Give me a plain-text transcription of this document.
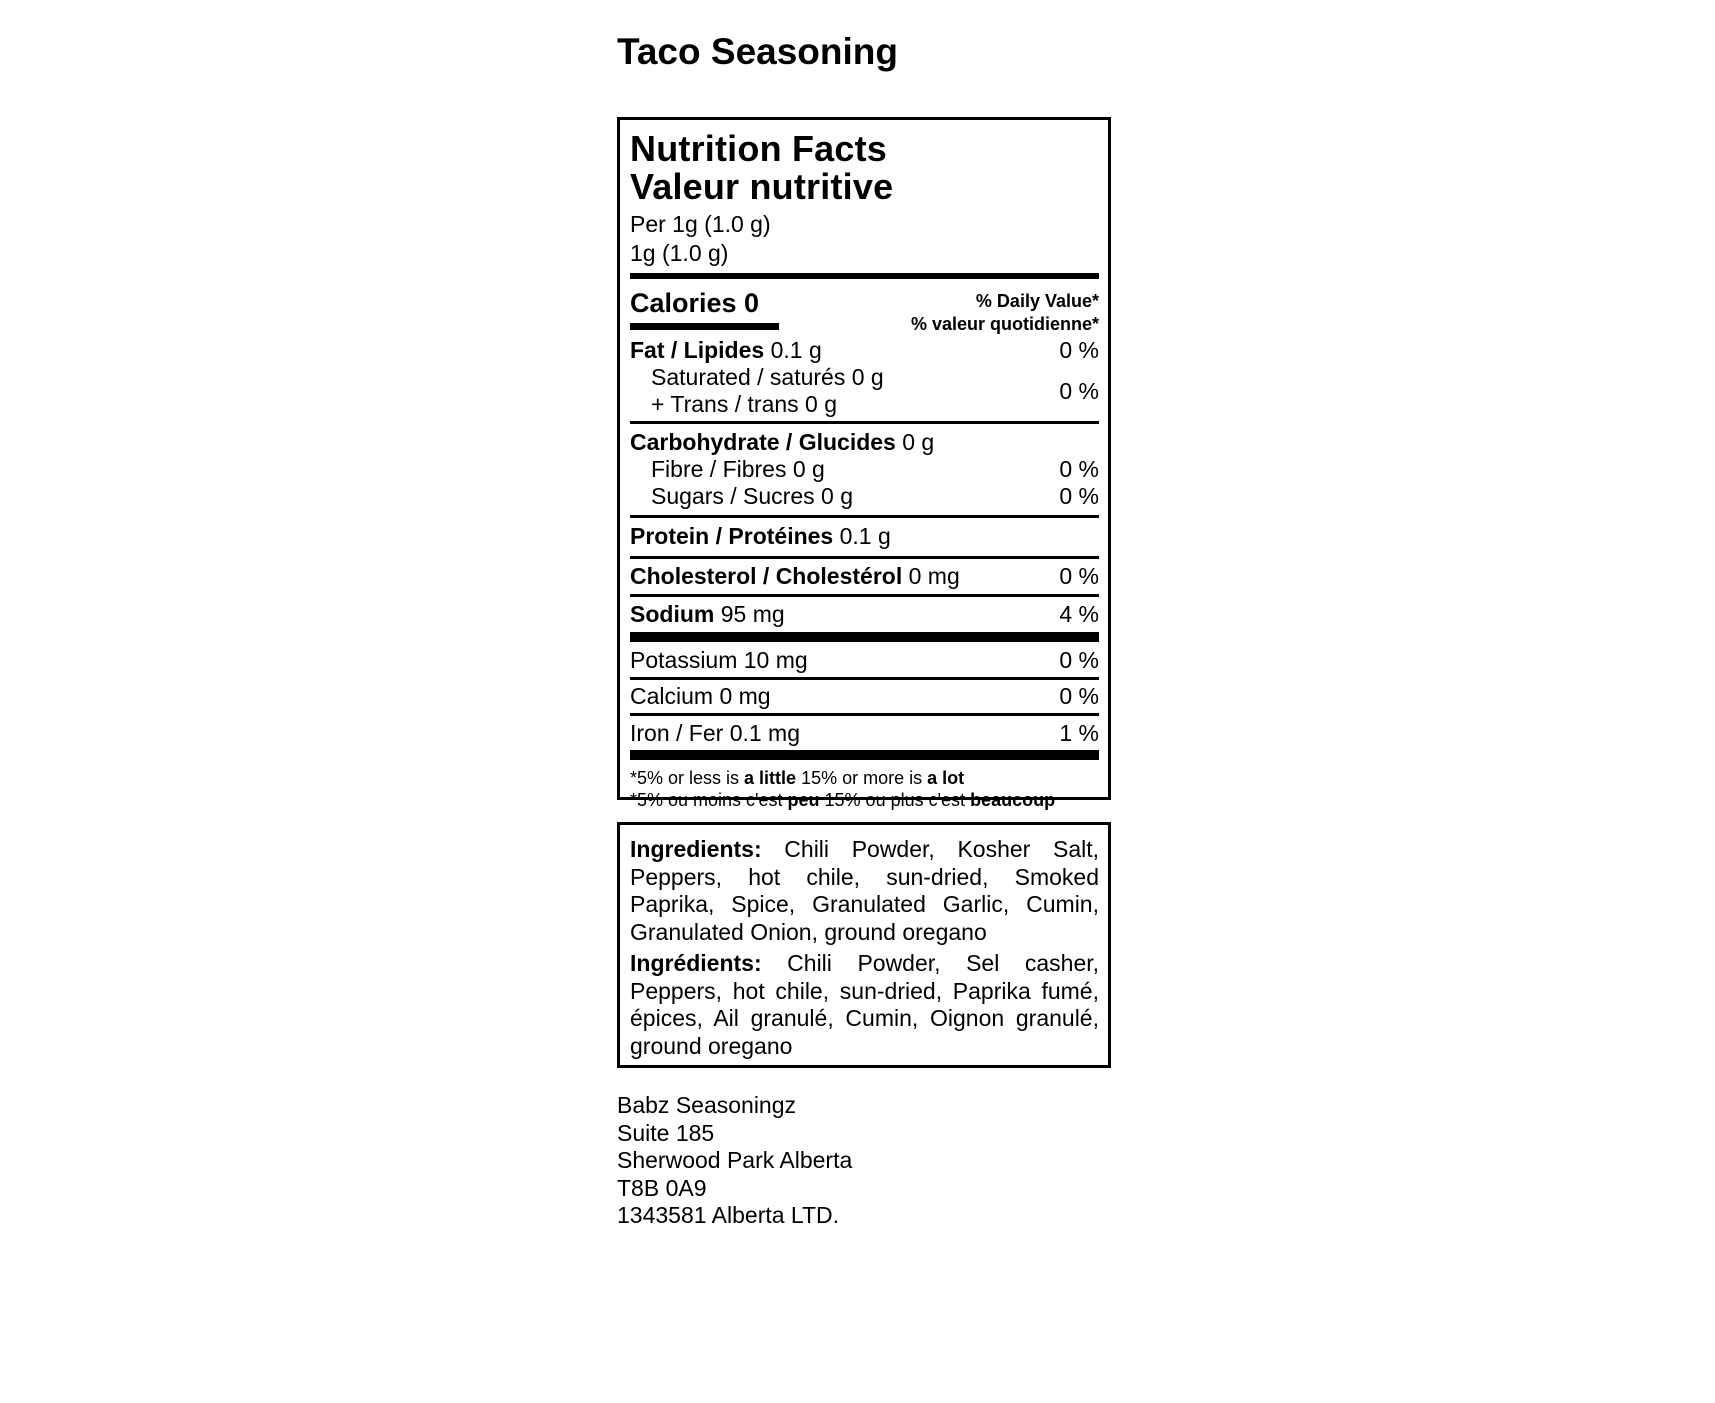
Taco Seasoning
Nutrition Facts
Valeur nutritive
Per 1g (1.0 g)
1g (1.0 g)
Calories 0	% Daily Value*
% valeur quotidienne*
Fat / Lipides 0.1 g	0 %
Saturated / saturés 0 g
+ Trans / trans 0 g	0 %
Carbohydrate / Glucides 0 g
Fibre / Fibres 0 g	0 %
Sugars / Sucres 0 g	0 %
Protein / Protéines 0.1 g
Cholesterol / Cholestérol 0 mg	0 %
Sodium 95 mg	4 %
Potassium 10 mg	0 %
Calcium 0 mg	0 %
Iron / Fer 0.1 mg	1 %
*5% or less is a little 15% or more is a lot
*5% ou moins c'est peu 15% ou plus c'est beaucoup

Ingredients: Chili Powder, Kosher Salt, Peppers, hot chile, sun-dried, Smoked Paprika, Spice, Granulated Garlic, Cumin, Granulated Onion, ground oregano

Ingrédients: Chili Powder, Sel casher, Peppers, hot chile, sun-dried, Paprika fumé, épices, Ail granulé, Cumin, Oignon granulé, ground oregano

Babz Seasoningz
Suite 185
Sherwood Park Alberta
T8B 0A9
1343581 Alberta LTD.
